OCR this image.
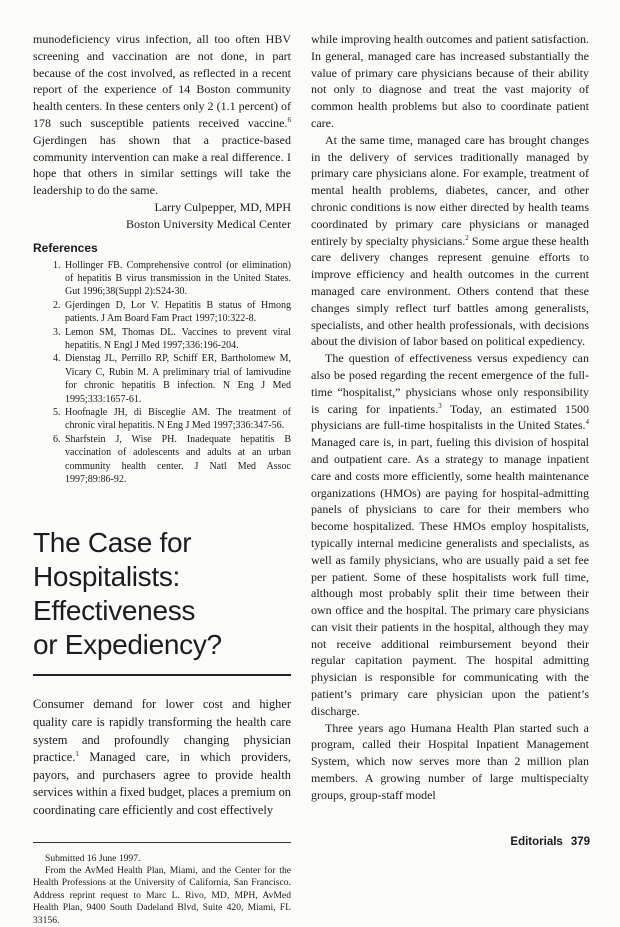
munodeficiency virus infection, all too often HBV screening and vaccination are not done, in part because of the cost involved, as reflected in a recent report of the experience of 14 Boston community health centers. In these centers only 2 (1.1 percent) of 178 such susceptible patients received vaccine.$^6$ Gjerdingen has shown that a practice-based community intervention can make a real difference. I hope that others in similar settings will take the leadership to do the same.

Larry Culpepper, MD, MPH
Boston University Medical Center
References
1. Hollinger FB. Comprehensive control (or elimination) of hepatitis B virus transmission in the United States. Gut 1996;38(Suppl 2):S24-30.
2. Gjerdingen D, Lor V. Hepatitis B status of Hmong patients. J Am Board Fam Pract 1997;10:322-8.
3. Lemon SM, Thomas DL. Vaccines to prevent viral hepatitis. N Engl J Med 1997;336:196-204.
4. Dienstag JL, Perrillo RP, Schiff ER, Bartholomew M, Vicary C, Rubin M. A preliminary trial of lamivudine for chronic hepatitis B infection. N Eng J Med 1995;333:1657-61.
5. Hoofnagle JH, di Bisceglie AM. The treatment of chronic viral hepatitis. N Eng J Med 1997;336:347-56.
6. Sharfstein J, Wise PH. Inadequate hepatitis B vaccination of adolescents and adults at an urban community health center. J Natl Med Assoc 1997;89:86-92.
The Case for
Hospitalists: Effectiveness
or Expediency?

Consumer demand for lower cost and higher quality care is rapidly transforming the health care system and profoundly changing physician practice.$^1$ Managed care, in which providers, payors, and purchasers agree to provide health services within a fixed budget, places a premium on coordinating care efficiently and cost effectively

Submitted 16 June 1997.

From the AvMed Health Plan, Miami, and the Center for the Health Professions at the University of California, San Francisco. Address reprint request to Marc L. Rivo, MD, MPH, AvMed Health Plan, 9400 South Dadeland Blvd, Suite 420, Miami, FL 33156.

while improving health outcomes and patient satisfaction. In general, managed care has increased substantially the value of primary care physicians because of their ability not only to diagnose and treat the vast majority of common health problems but also to coordinate patient care.

At the same time, managed care has brought changes in the delivery of services traditionally managed by primary care physicians alone. For example, treatment of mental health problems, diabetes, cancer, and other chronic conditions is now either directed by health teams coordinated by primary care physicians or managed entirely by specialty physicians.$^2$ Some argue these health care delivery changes represent genuine efforts to improve efficiency and health outcomes in the current managed care environment. Others contend that these changes simply reflect turf battles among generalists, specialists, and other health professionals, with decisions about the division of labor based on political expediency.

The question of effectiveness versus expediency can also be posed regarding the recent emergence of the full-time “hospitalist,” physicians whose only responsibility is caring for inpatients.$^3$ Today, an estimated 1500 physicians are full-time hospitalists in the United States.$^4$ Managed care is, in part, fueling this division of hospital and outpatient care. As a strategy to manage inpatient care and costs more efficiently, some health maintenance organizations (HMOs) are paying for hospital-admitting panels of physicians to care for their members who become hospitalized. These HMOs employ hospitalists, typically internal medicine generalists and specialists, as well as family physicians, who are usually paid a set fee per patient. Some of these hospitalists work full time, although most probably split their time between their own office and the hospital. The primary care physicians can visit their patients in the hospital, although they may not receive additional reimbursement beyond their regular capitation payment. The hospital admitting physician is responsible for communicating with the patient’s primary care physician upon the patient’s discharge.

Three years ago Humana Health Plan started such a program, called their Hospital Inpatient Management System, which now serves more than 2 million plan members. A growing number of large multispecialty groups, group-staff model

Editorials 379
